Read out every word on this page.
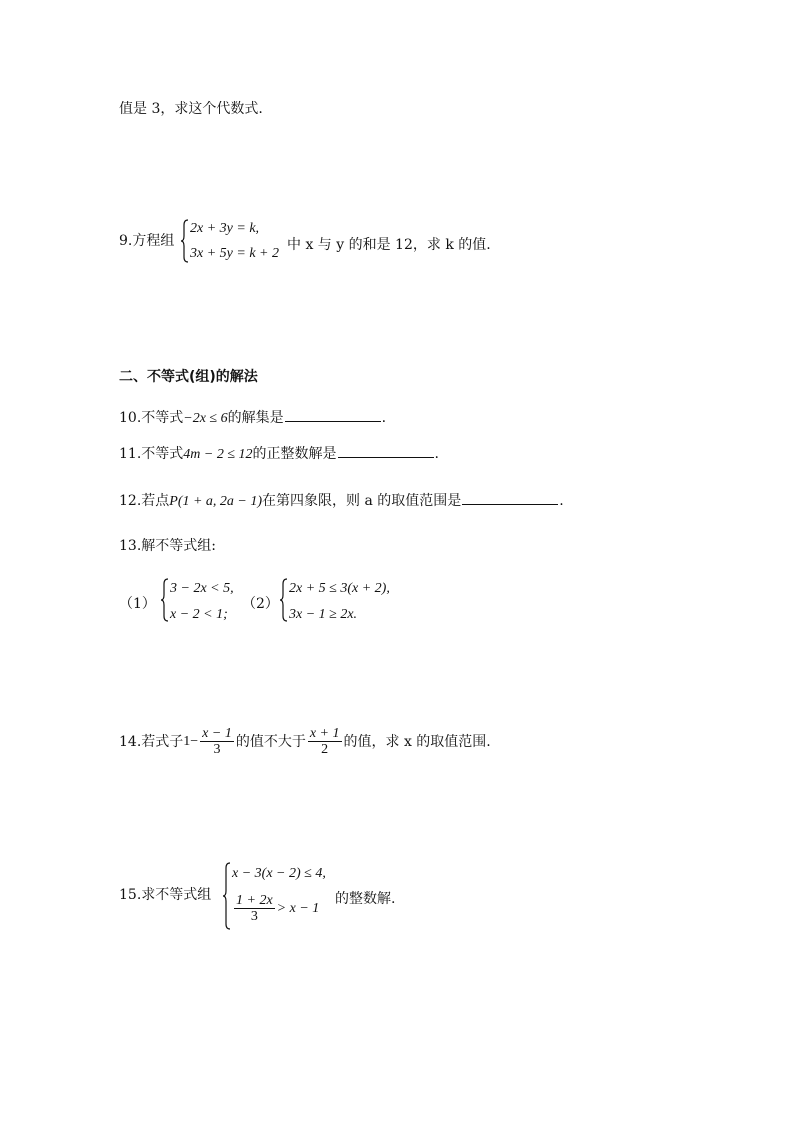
值是 3，求这个代数式.
9.方程组
2x + 3y = k,
3x + 5y = k + 2
中 x 与 y 的和是 12，求 k 的值.
二、不等式(组)的解法
10.不等式−2x ≤ 6的解集是	.
11.不等式4m − 2 ≤ 12的正整数解是	.
12.若点P(1 + a, 2a − 1)在第四象限，则 a 的取值范围是	.
13.解不等式组:
（1）
3 − 2x < 5,
x − 2 < 1;
（2）
2x + 5 ≤ 3(x + 2),
3x − 1 ≥ 2x.
14.若式子 $1- \frac{x - 1}{3}$ 的值不大于 $\frac{x + 1}{2}$ 的值，求 x 的取值范围.
15.求不等式组
x − 3(x − 2) ≤ 4,
$\frac{1 + 2x}{3} > x - 1$
的整数解.
